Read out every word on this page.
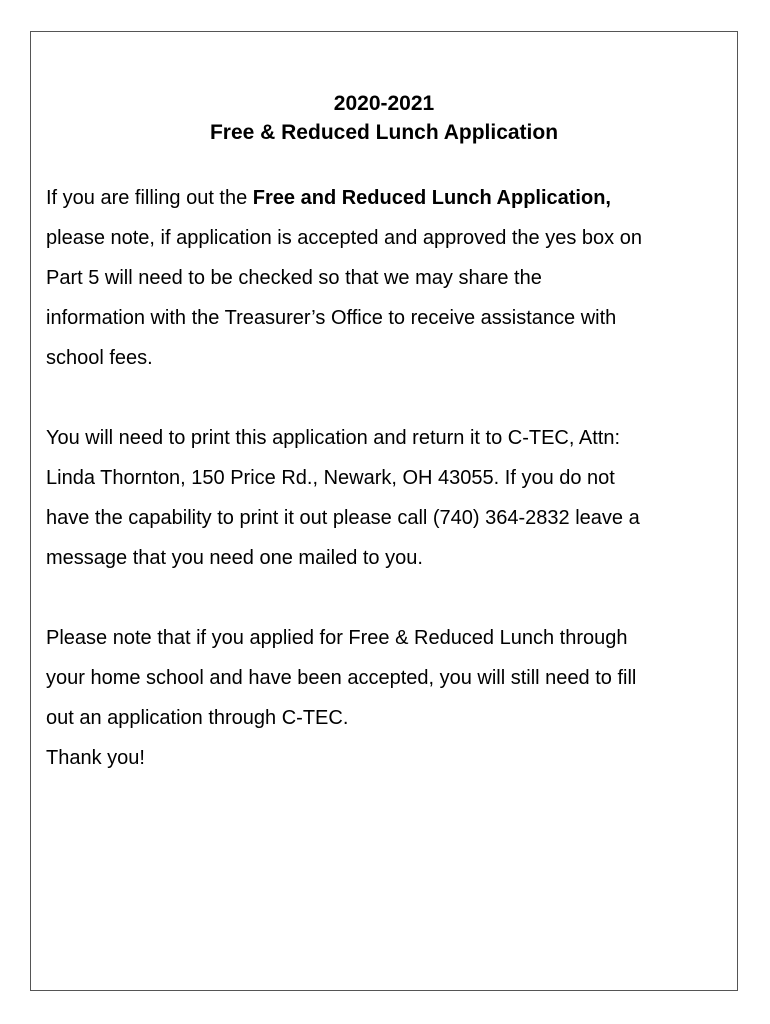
2020-2021
Free & Reduced Lunch Application

If you are filling out the Free and Reduced Lunch Application,
please note, if application is accepted and approved the yes box on
Part 5 will need to be checked so that we may share the
information with the Treasurer’s Office to receive assistance with
school fees.

You will need to print this application and return it to C-TEC, Attn:
Linda Thornton, 150 Price Rd., Newark, OH 43055. If you do not
have the capability to print it out please call (740) 364-2832 leave a
message that you need one mailed to you.

Please note that if you applied for Free & Reduced Lunch through
your home school and have been accepted, you will still need to fill
out an application through C-TEC.

Thank you!
